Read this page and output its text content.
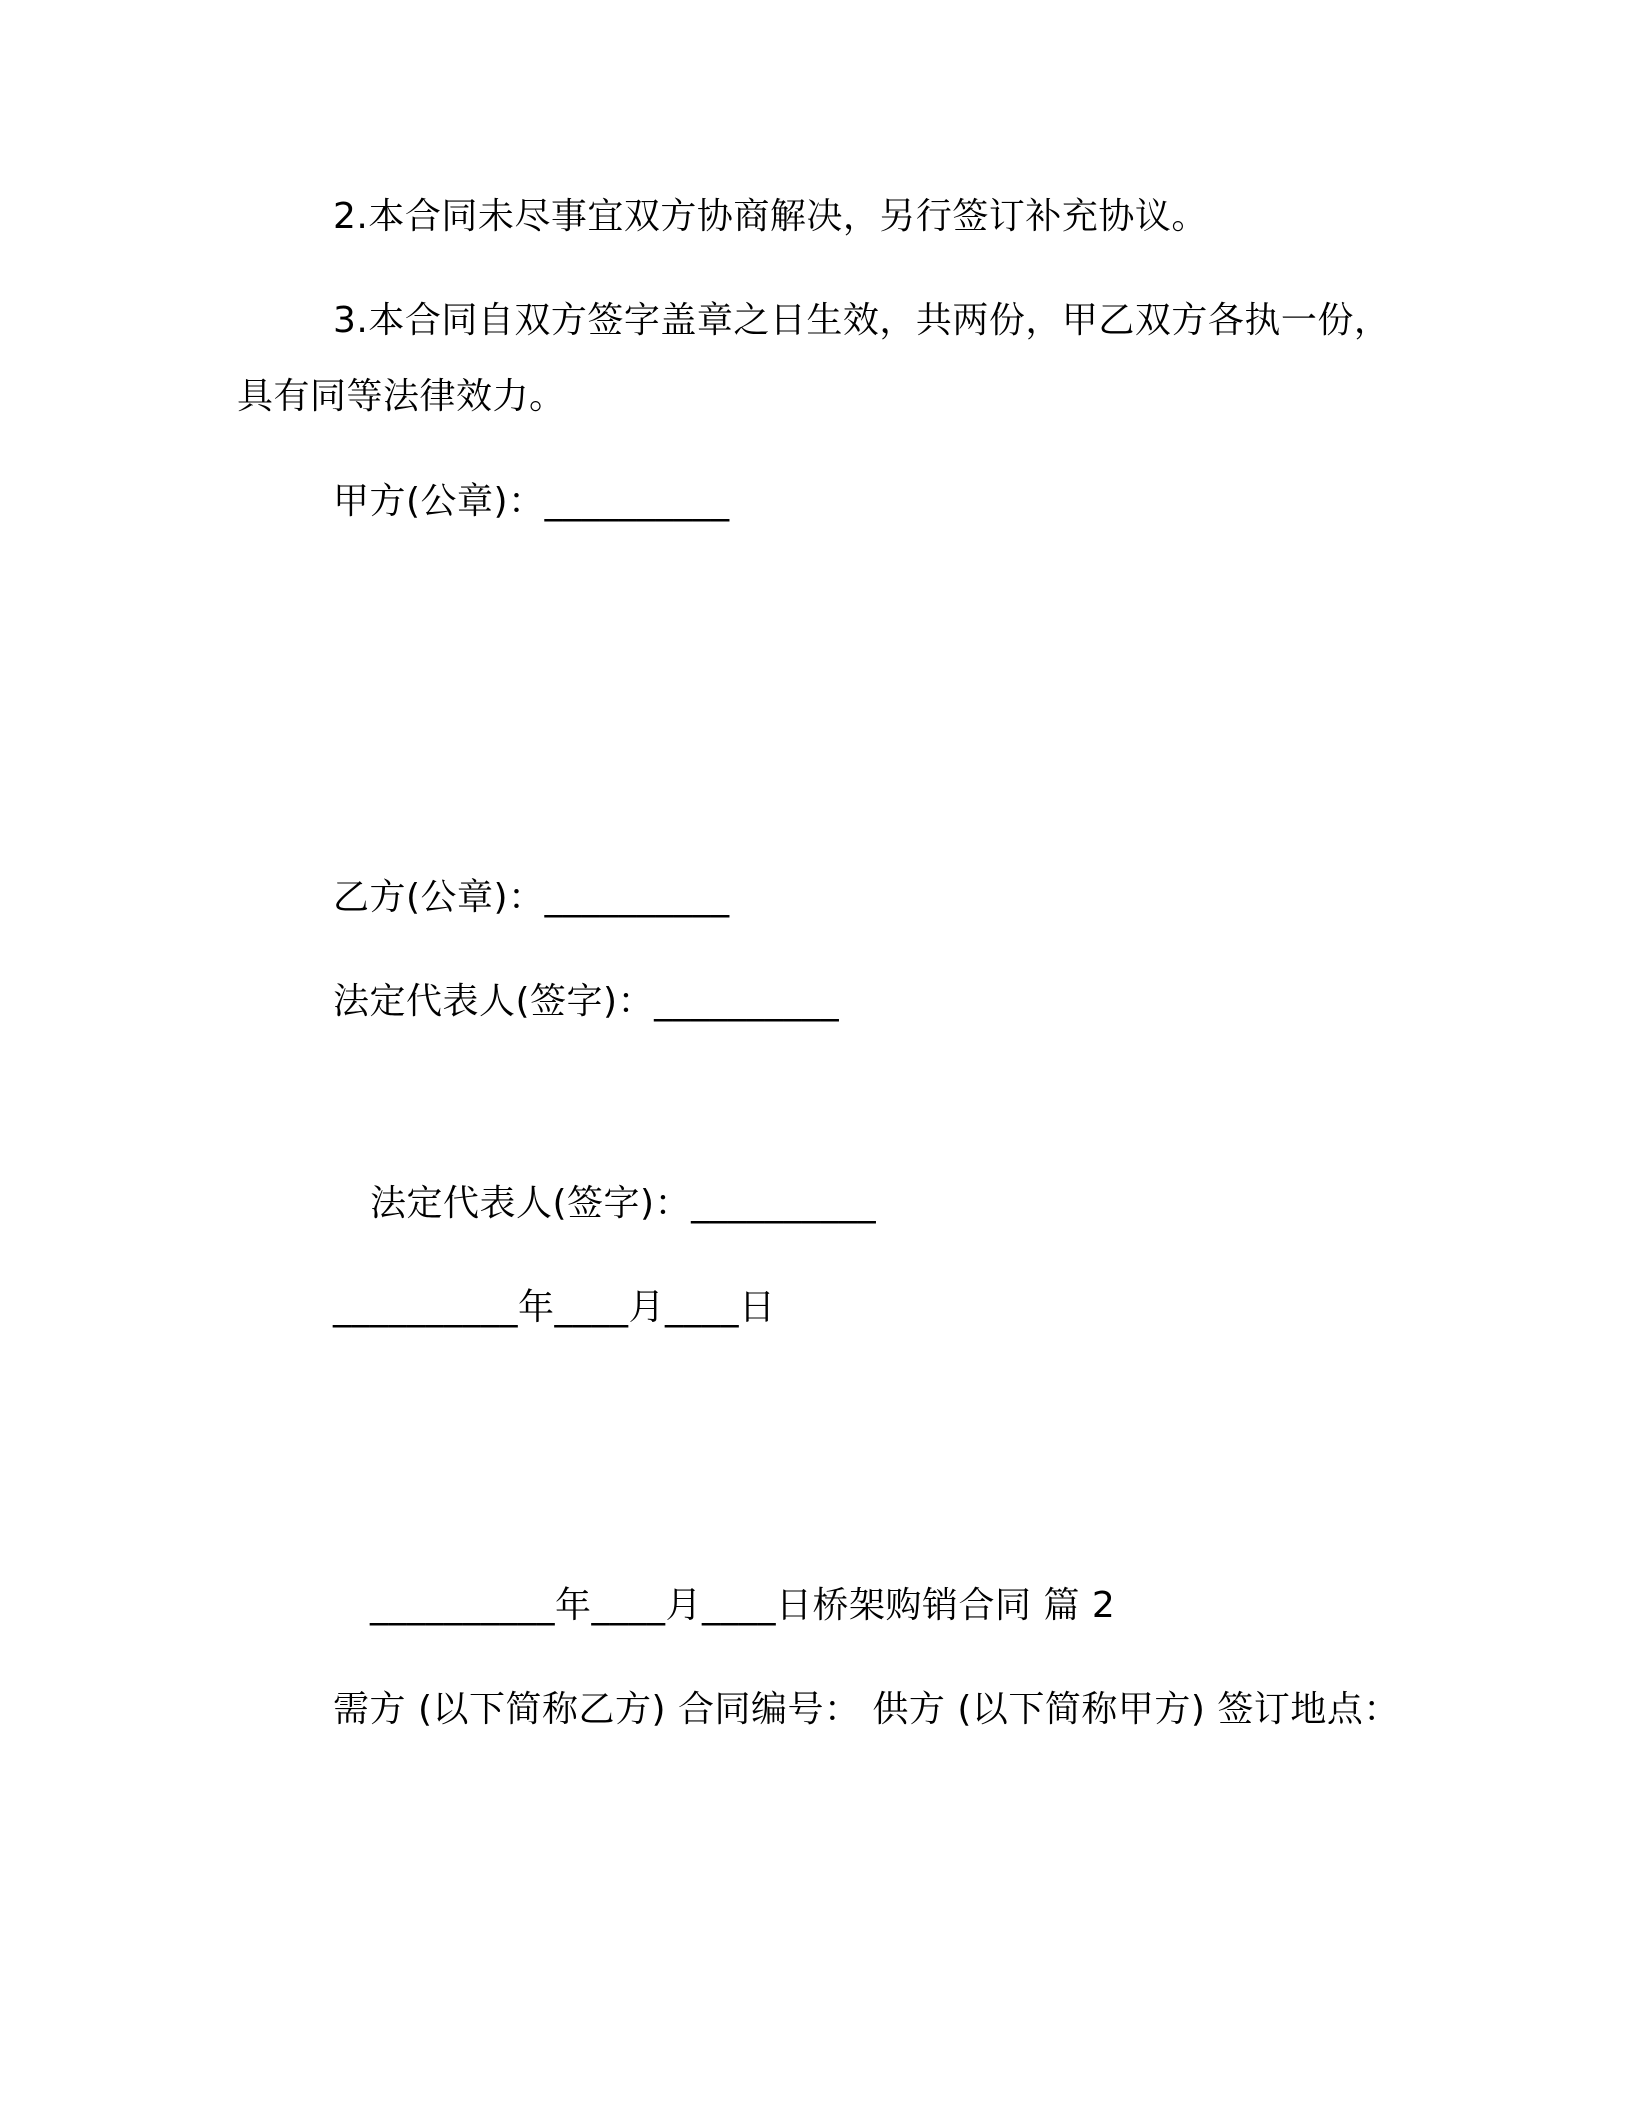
2.本合同未尽事宜双方协商解决，另行签订补充协议。
3.本合同自双方签字盖章之日生效，共两份，甲乙双方各执一份，
具有同等法律效力。
甲方(公章)：__________
乙方(公章)：__________
法定代表人(签字)：__________
法定代表人(签字)：__________
__________年____月____日
__________年____月____日桥架购销合同 篇 2
需方 (以下简称乙方) 合同编号： 供方 (以下简称甲方) 签订地点：
